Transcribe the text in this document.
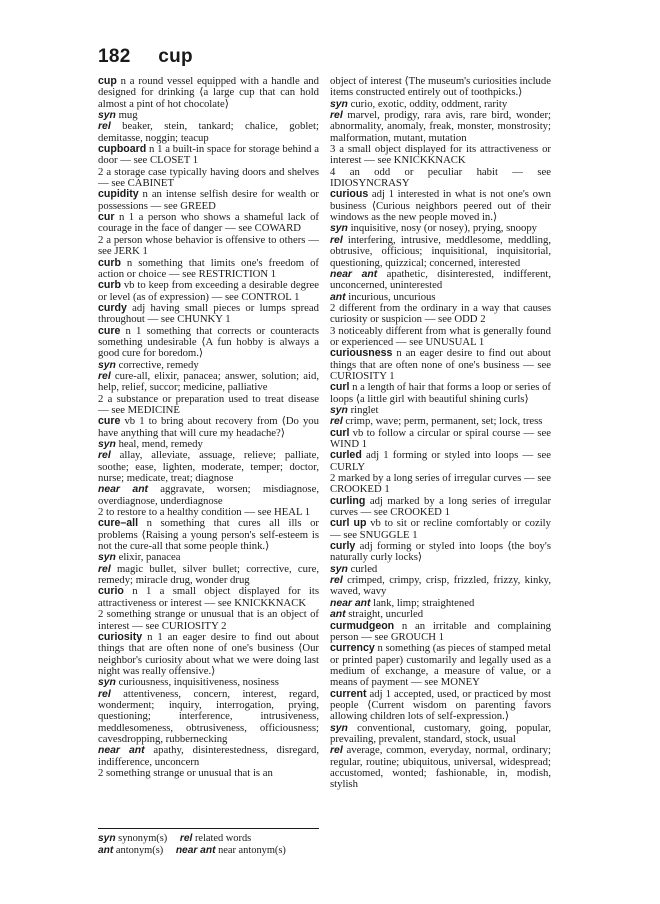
182 cup

cup n a round vessel equipped with a handle and designed for drinking ⟨a large cup that can hold almost a pint of hot chocolate⟩

syn mug

rel beaker, stein, tankard; chalice, goblet; demitasse, noggin; teacup

cupboard n 1 a built-in space for storage behind a door — see CLOSET 1

2 a storage case typically having doors and shelves — see CABINET

cupidity n an intense selfish desire for wealth or possessions — see GREED

cur n 1 a person who shows a shameful lack of courage in the face of danger — see COWARD

2 a person whose behavior is offensive to others — see JERK 1

curb n something that limits one's freedom of action or choice — see RESTRICTION 1

curb vb to keep from exceeding a desirable degree or level (as of expression) — see CONTROL 1

curdy adj having small pieces or lumps spread throughout — see CHUNKY 1

cure n 1 something that corrects or counteracts something undesirable ⟨A fun hobby is always a good cure for boredom.⟩

syn corrective, remedy

rel cure-all, elixir, panacea; answer, solution; aid, help, relief, succor; medicine, palliative

2 a substance or preparation used to treat disease — see MEDICINE

cure vb 1 to bring about recovery from ⟨Do you have anything that will cure my headache?⟩

syn heal, mend, remedy

rel allay, alleviate, assuage, relieve; palliate, soothe; ease, lighten, moderate, temper; doctor, nurse; medicate, treat; diagnose

near ant aggravate, worsen; misdiagnose, overdiagnose, underdiagnose

2 to restore to a healthy condition — see HEAL 1

cure–all n something that cures all ills or problems ⟨Raising a young person's self-esteem is not the cure-all that some people think.⟩

syn elixir, panacea

rel magic bullet, silver bullet; corrective, cure, remedy; miracle drug, wonder drug

curio n 1 a small object displayed for its attractiveness or interest — see KNICKKNACK

2 something strange or unusual that is an object of interest — see CURIOSITY 2

curiosity n 1 an eager desire to find out about things that are often none of one's business ⟨Our neighbor's curiosity about what we were doing last night was really offensive.⟩

syn curiousness, inquisitiveness, nosiness

rel attentiveness, concern, interest, regard, wonderment; inquiry, interrogation, prying, questioning; interference, intrusiveness, meddlesomeness, obtrusiveness, officiousness; cavesdropping, rubbernecking

near ant apathy, disinterestedness, disregard, indifference, unconcern

2 something strange or unusual that is an

object of interest ⟨The museum's curiosities include items constructed entirely out of toothpicks.⟩

syn curio, exotic, oddity, oddment, rarity

rel marvel, prodigy, rara avis, rare bird, wonder; abnormality, anomaly, freak, monster, monstrosity; malformation, mutant, mutation

3 a small object displayed for its attractiveness or interest — see KNICKKNACK

4 an odd or peculiar habit — see IDIOSYNCRASY

curious adj 1 interested in what is not one's own business ⟨Curious neighbors peered out of their windows as the new people moved in.⟩

syn inquisitive, nosy (or nosey), prying, snoopy

rel interfering, intrusive, meddlesome, meddling, obtrusive, officious; inquisitional, inquisitorial, questioning, quizzical; concerned, interested

near ant apathetic, disinterested, indifferent, unconcerned, uninterested

ant incurious, uncurious

2 different from the ordinary in a way that causes curiosity or suspicion — see ODD 2

3 noticeably different from what is generally found or experienced — see UNUSUAL 1

curiousness n an eager desire to find out about things that are often none of one's business — see CURIOSITY 1

curl n a length of hair that forms a loop or series of loops ⟨a little girl with beautiful shining curls⟩

syn ringlet

rel crimp, wave; perm, permanent, set; lock, tress

curl vb to follow a circular or spiral course — see WIND 1

curled adj 1 forming or styled into loops — see CURLY

2 marked by a long series of irregular curves — see CROOKED 1

curling adj marked by a long series of irregular curves — see CROOKED 1

curl up vb to sit or recline comfortably or cozily — see SNUGGLE 1

curly adj forming or styled into loops ⟨the boy's naturally curly locks⟩

syn curled

rel crimped, crimpy, crisp, frizzled, frizzy, kinky, waved, wavy

near ant lank, limp; straightened

ant straight, uncurled

curmudgeon n an irritable and complaining person — see GROUCH 1

currency n something (as pieces of stamped metal or printed paper) customarily and legally used as a medium of exchange, a measure of value, or a means of payment — see MONEY

current adj 1 accepted, used, or practiced by most people ⟨Current wisdom on parenting favors allowing children lots of self-expression.⟩

syn conventional, customary, going, popular, prevailing, prevalent, standard, stock, usual

rel average, common, everyday, normal, ordinary; regular, routine; ubiquitous, universal, widespread; accustomed, wonted; fashionable, in, modish, stylish

syn synonym(s) rel related words
ant antonym(s) near ant near antonym(s)
